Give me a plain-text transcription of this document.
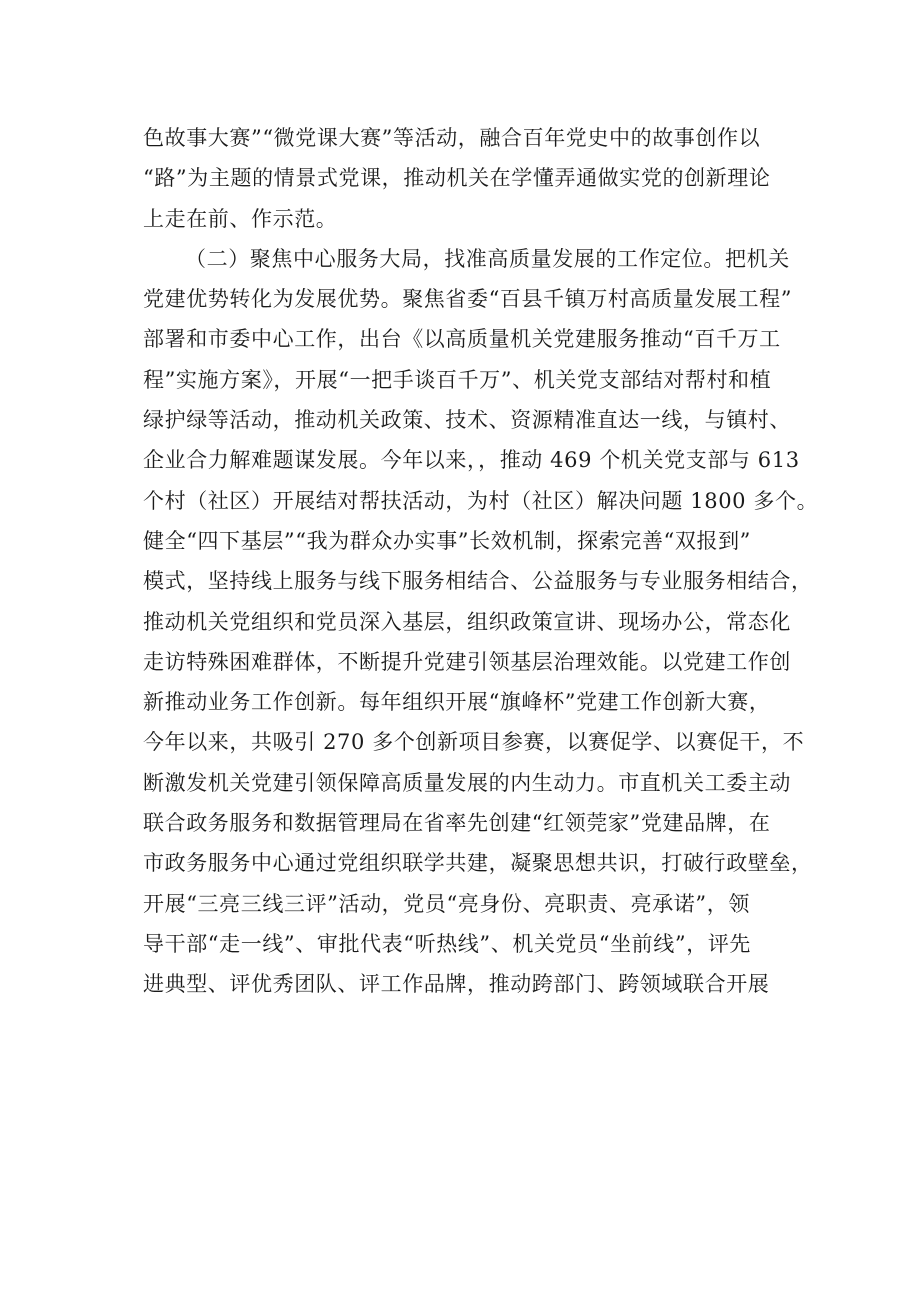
色故事大赛”“微党课大赛”等活动，融合百年党史中的故事创作以
“路”为主题的情景式党课，推动机关在学懂弄通做实党的创新理论
上走在前、作示范。
（二）聚焦中心服务大局，找准高质量发展的工作定位。把机关
党建优势转化为发展优势。聚焦省委“百县千镇万村高质量发展工程”
部署和市委中心工作，出台《以高质量机关党建服务推动“百千万工
程”实施方案》，开展“一把手谈百千万”、机关党支部结对帮村和植
绿护绿等活动，推动机关政策、技术、资源精准直达一线，与镇村、
企业合力解难题谋发展。今年以来，，推动 469 个机关党支部与 613
个村（社区）开展结对帮扶活动，为村（社区）解决问题 1800 多个。
健全“四下基层”“我为群众办实事”长效机制，探索完善“双报到”
模式，坚持线上服务与线下服务相结合、公益服务与专业服务相结合，
推动机关党组织和党员深入基层，组织政策宣讲、现场办公，常态化
走访特殊困难群体，不断提升党建引领基层治理效能。以党建工作创
新推动业务工作创新。每年组织开展“旗峰杯”党建工作创新大赛，
今年以来，共吸引 270 多个创新项目参赛，以赛促学、以赛促干，不
断激发机关党建引领保障高质量发展的内生动力。市直机关工委主动
联合政务服务和数据管理局在省率先创建“红领莞家”党建品牌，在
市政务服务中心通过党组织联学共建，凝聚思想共识，打破行政壁垒，
开展“三亮三线三评”活动，党员“亮身份、亮职责、亮承诺”，领
导干部“走一线”、审批代表“听热线”、机关党员“坐前线”，评先
进典型、评优秀团队、评工作品牌，推动跨部门、跨领域联合开展
